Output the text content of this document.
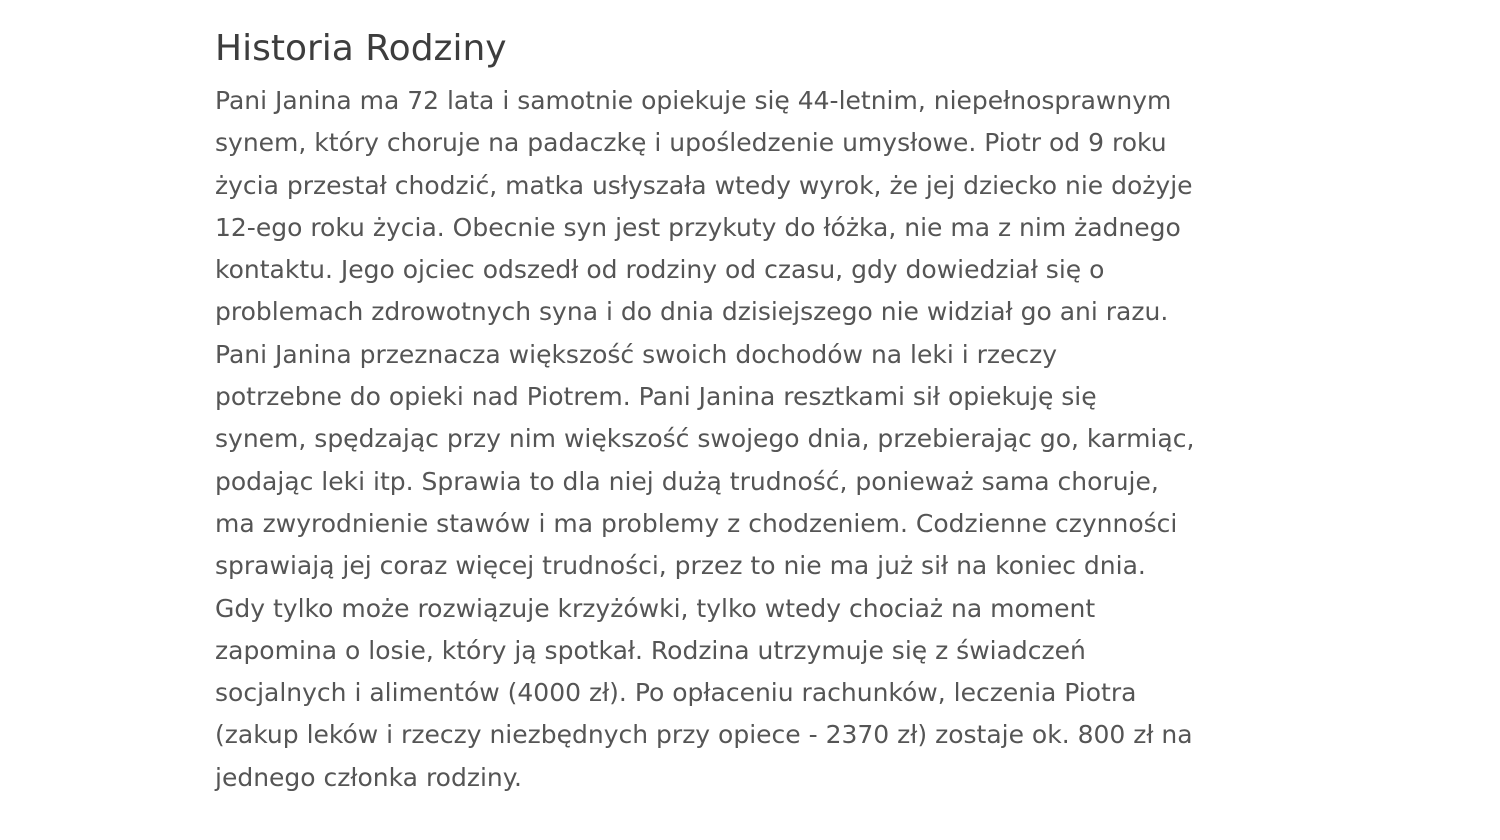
Historia Rodziny

Pani Janina ma 72 lata i samotnie opiekuje się 44-letnim, niepełnosprawnym
synem, który choruje na padaczkę i upośledzenie umysłowe. Piotr od 9 roku
życia przestał chodzić, matka usłyszała wtedy wyrok, że jej dziecko nie dożyje
12-ego roku życia. Obecnie syn jest przykuty do łóżka, nie ma z nim żadnego
kontaktu. Jego ojciec odszedł od rodziny od czasu, gdy dowiedział się o
problemach zdrowotnych syna i do dnia dzisiejszego nie widział go ani razu.
Pani Janina przeznacza większość swoich dochodów na leki i rzeczy
potrzebne do opieki nad Piotrem. Pani Janina resztkami sił opiekuję się
synem, spędzając przy nim większość swojego dnia, przebierając go, karmiąc,
podając leki itp. Sprawia to dla niej dużą trudność, ponieważ sama choruje,
ma zwyrodnienie stawów i ma problemy z chodzeniem. Codzienne czynności
sprawiają jej coraz więcej trudności, przez to nie ma już sił na koniec dnia.
Gdy tylko może rozwiązuje krzyżówki, tylko wtedy chociaż na moment
zapomina o losie, który ją spotkał. Rodzina utrzymuje się z świadczeń
socjalnych i alimentów (4000 zł). Po opłaceniu rachunków, leczenia Piotra
(zakup leków i rzeczy niezbędnych przy opiece - 2370 zł) zostaje ok. 800 zł na
jednego członka rodziny.
